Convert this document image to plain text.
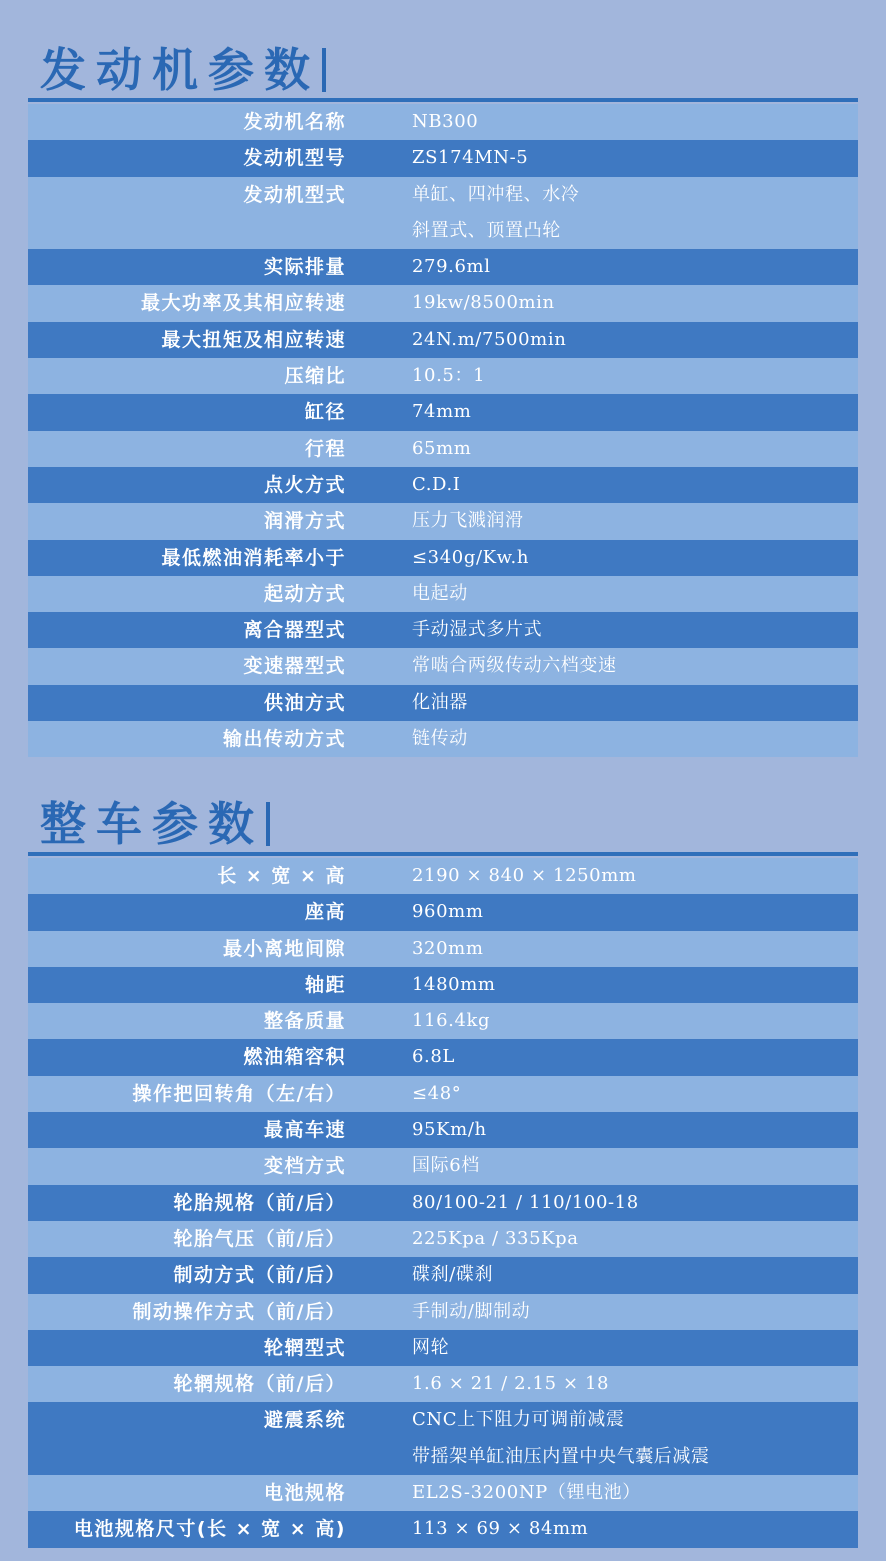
发动机参数
发动机名称	NB300
发动机型号	ZS174MN-5
发动机型式	单缸、四冲程、水冷
斜置式、顶置凸轮
实际排量	279.6ml
最大功率及其相应转速	19kw/8500min
最大扭矩及相应转速	24N.m/7500min
压缩比	10.5：1
缸径	74mm
行程	65mm
点火方式	C.D.I
润滑方式	压力飞溅润滑
最低燃油消耗率小于	≤340g/Kw.h
起动方式	电起动
离合器型式	手动湿式多片式
变速器型式	常啮合两级传动六档变速
供油方式	化油器
输出传动方式	链传动
整车参数
长 × 宽 × 高	2190 × 840 × 1250mm
座高	960mm
最小离地间隙	320mm
轴距	1480mm
整备质量	116.4kg
燃油箱容积	6.8L
操作把回转角（左/右）	≤48°
最高车速	95Km/h
变档方式	国际6档
轮胎规格（前/后）	80/100-21 / 110/100-18
轮胎气压（前/后）	225Kpa / 335Kpa
制动方式（前/后）	碟刹/碟刹
制动操作方式（前/后）	手制动/脚制动
轮辋型式	网轮
轮辋规格（前/后）	1.6 × 21 / 2.15 × 18
避震系统	CNC上下阻力可调前减震
带摇架单缸油压内置中央气囊后减震
电池规格	EL2S-3200NP（锂电池）
电池规格尺寸(长 × 宽 × 高)	113 × 69 × 84mm
